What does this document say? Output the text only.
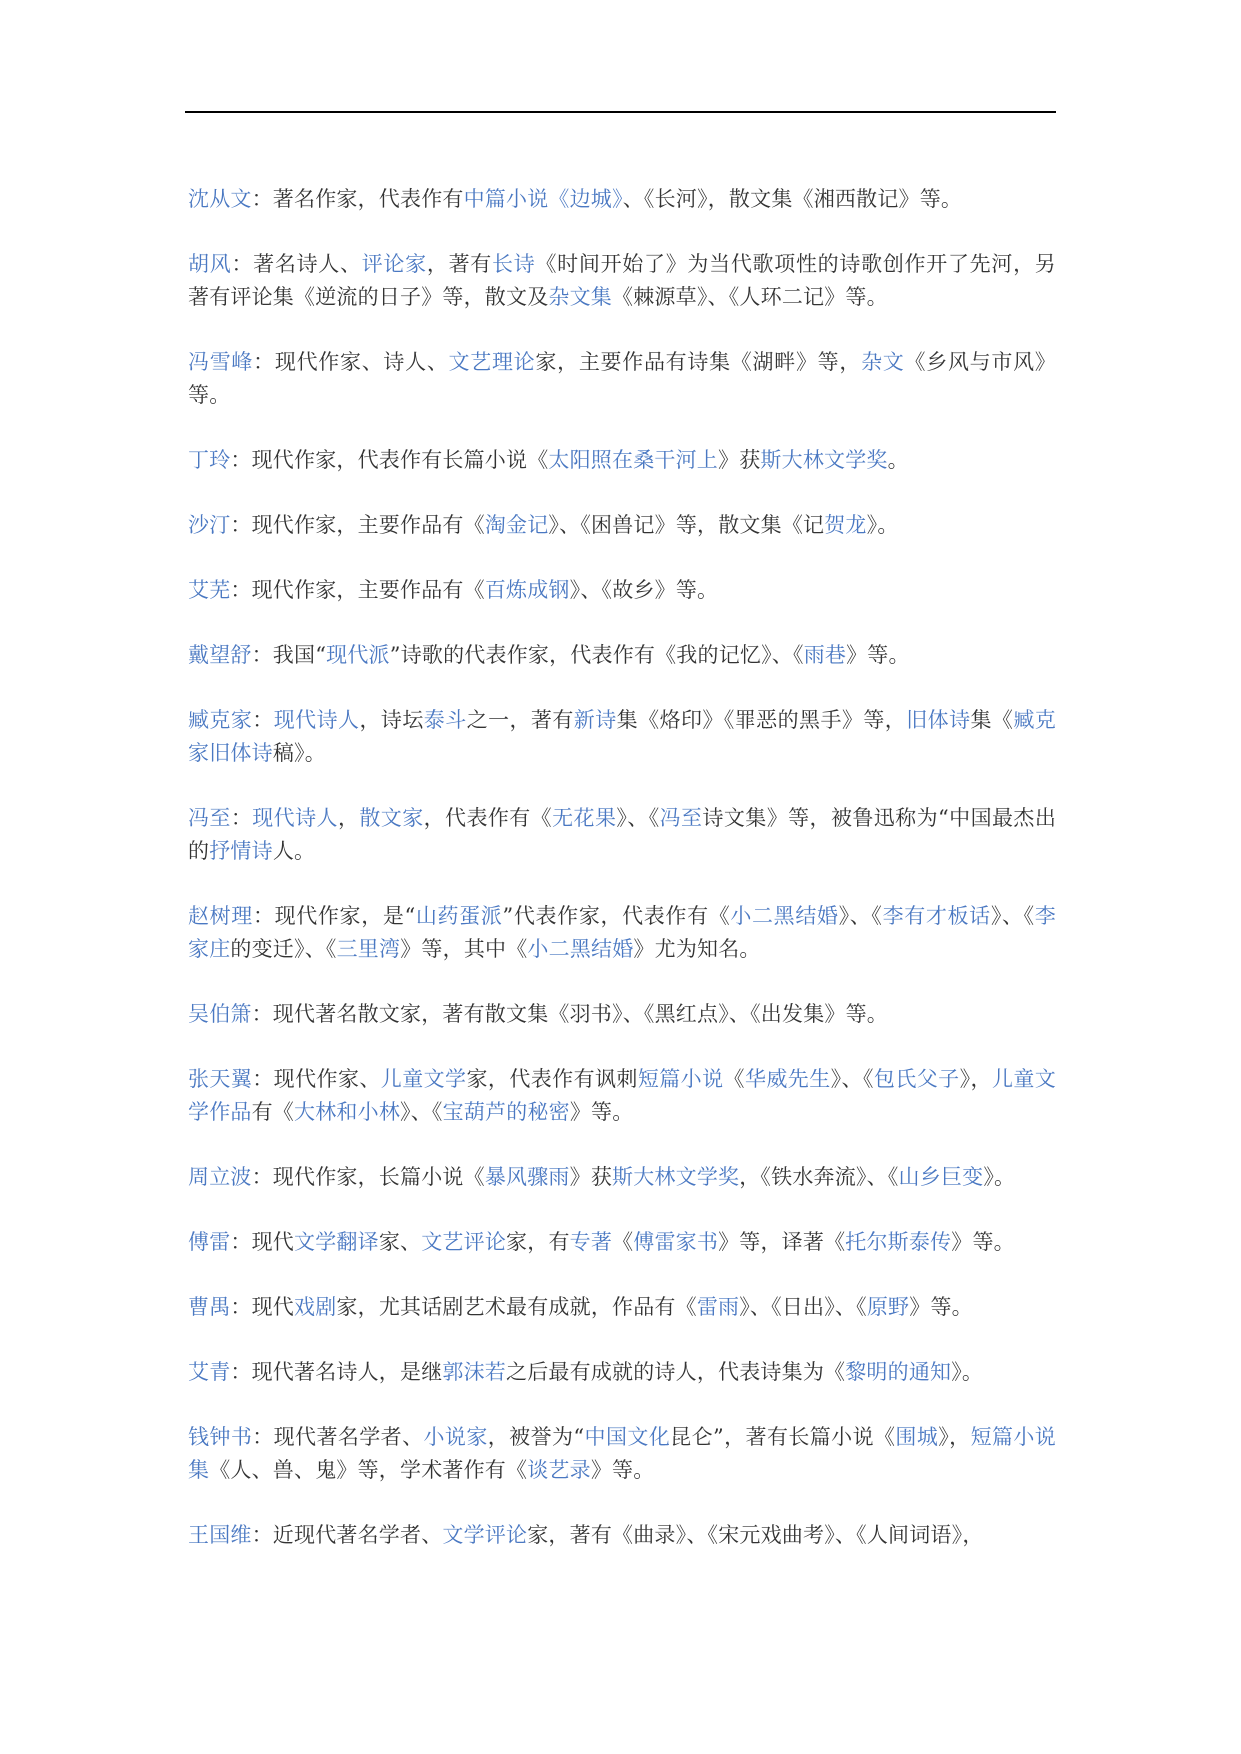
沈从文：著名作家，代表作有中篇小说《边城》、《长河》，散文集《湘西散记》等。

胡风：著名诗人、评论家，著有长诗《时间开始了》为当代歌项性的诗歌创作开了先河，另著有评论集《逆流的日子》等，散文及杂文集《棘源草》、《人环二记》等。

冯雪峰：现代作家、诗人、文艺理论家，主要作品有诗集《湖畔》等，杂文《乡风与市风》等。

丁玲：现代作家，代表作有长篇小说《太阳照在桑干河上》获斯大林文学奖。

沙汀：现代作家，主要作品有《淘金记》、《困兽记》等，散文集《记贺龙》。

艾芜：现代作家，主要作品有《百炼成钢》、《故乡》等。

戴望舒：我国“现代派”诗歌的代表作家，代表作有《我的记忆》、《雨巷》等。

臧克家：现代诗人，诗坛泰斗之一，著有新诗集《烙印》《罪恶的黑手》等，旧体诗集《臧克家旧体诗稿》。

冯至：现代诗人，散文家，代表作有《无花果》、《冯至诗文集》等，被鲁迅称为“中国最杰出的抒情诗人。

赵树理：现代作家，是“山药蛋派”代表作家，代表作有《小二黑结婚》、《李有才板话》、《李家庄的变迁》、《三里湾》等，其中《小二黑结婚》尤为知名。

吴伯箫：现代著名散文家，著有散文集《羽书》、《黑红点》、《出发集》等。

张天翼：现代作家、儿童文学家，代表作有讽刺短篇小说《华威先生》、《包氏父子》，儿童文学作品有《大林和小林》、《宝葫芦的秘密》等。

周立波：现代作家，长篇小说《暴风骤雨》获斯大林文学奖，《铁水奔流》、《山乡巨变》。

傅雷：现代文学翻译家、文艺评论家，有专著《傅雷家书》等，译著《托尔斯泰传》等。

曹禺：现代戏剧家，尤其话剧艺术最有成就，作品有《雷雨》、《日出》、《原野》等。

艾青：现代著名诗人，是继郭沫若之后最有成就的诗人，代表诗集为《黎明的通知》。

钱钟书：现代著名学者、小说家，被誉为“中国文化昆仑”，著有长篇小说《围城》，短篇小说集《人、兽、鬼》等，学术著作有《谈艺录》等。

王国维：近现代著名学者、文学评论家，著有《曲录》、《宋元戏曲考》、《人间词语》，
